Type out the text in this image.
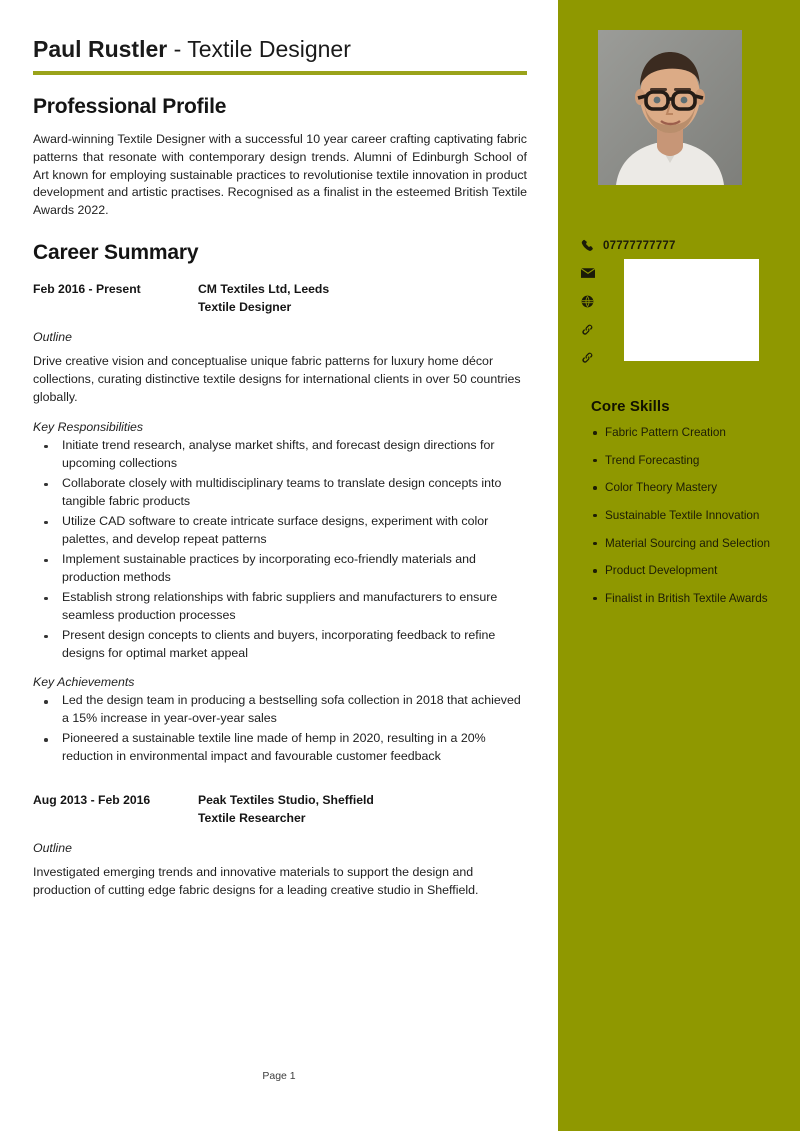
07777777777
Core Skills
Fabric Pattern Creation
Trend Forecasting
Color Theory Mastery
Sustainable Textile Innovation
Material Sourcing and Selection
Product Development
Finalist in British Textile Awards
Paul Rustler - Textile Designer
Professional Profile

Award-winning Textile Designer with a successful 10 year career crafting captivating fabric patterns that resonate with contemporary design trends. Alumni of Edinburgh School of Art known for employing sustainable practices to revolutionise textile innovation in product development and artistic practises. Recognised as a finalist in the esteemed British Textile Awards 2022.

Career Summary
Feb 2016 - Present	CM Textiles Ltd, Leeds
Textile Designer
Outline

Drive creative vision and conceptualise unique fabric patterns for luxury home décor collections, curating distinctive textile designs for international clients in over 50 countries globally.

Key Responsibilities
Initiate trend research, analyse market shifts, and forecast design directions for upcoming collections
Collaborate closely with multidisciplinary teams to translate design concepts into tangible fabric products
Utilize CAD software to create intricate surface designs, experiment with color palettes, and develop repeat patterns
Implement sustainable practices by incorporating eco-friendly materials and production methods
Establish strong relationships with fabric suppliers and manufacturers to ensure seamless production processes
Present design concepts to clients and buyers, incorporating feedback to refine designs for optimal market appeal
Key Achievements
Led the design team in producing a bestselling sofa collection in 2018 that achieved a 15% increase in year-over-year sales
Pioneered a sustainable textile line made of hemp in 2020, resulting in a 20% reduction in environmental impact and favourable customer feedback
Aug 2013 - Feb 2016	Peak Textiles Studio, Sheffield
Textile Researcher
Outline

Investigated emerging trends and innovative materials to support the design and production of cutting edge fabric designs for a leading creative studio in Sheffield.

Page 1
